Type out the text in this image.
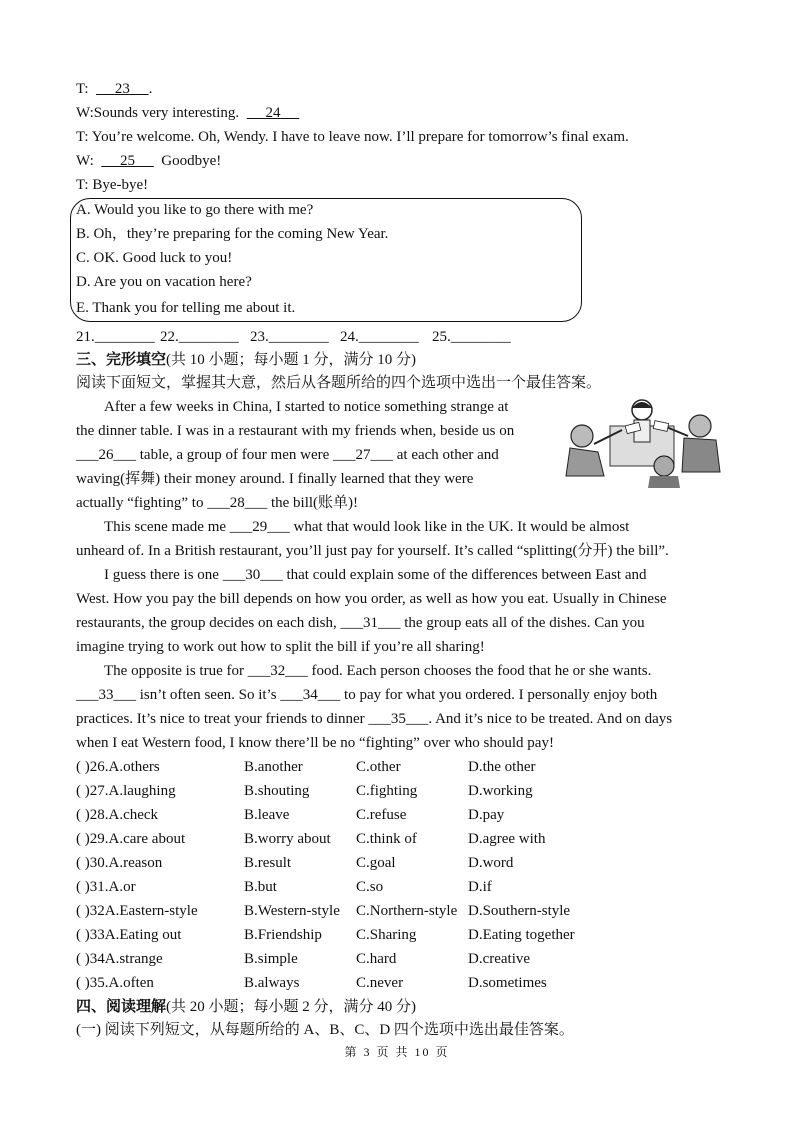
T: 23 .
W:Sounds very interesting. 24
T: You’re welcome. Oh, Wendy. I have to leave now. I’ll prepare for tomorrow’s final exam.
W: 25 Goodbye!
T: Bye-bye!
A. Would you like to go there with me?
B. Oh，they’re preparing for the coming New Year.
C. OK. Good luck to you!
D. Are you on vacation here?
E. Thank you for telling me about it.
21.________ 22.________ 23.________ 24.________ 25.________
三、完形填空(共 10 小题；每小题 1 分，满分 10 分)
阅读下面短文，掌握其大意，然后从各题所给的四个选项中选出一个最佳答案。
After a few weeks in China, I started to notice something strange at
the dinner table. I was in a restaurant with my friends when, beside us on
___26___ table, a group of four men were ___27___ at each other and
waving(挥舞) their money around. I finally learned that they were
actually “fighting” to ___28___ the bill(账单)!
This scene made me ___29___ what that would look like in the UK. It would be almost
unheard of. In a British restaurant, you’ll just pay for yourself. It’s called “splitting(分开) the bill”.
I guess there is one ___30___ that could explain some of the differences between East and
West. How you pay the bill depends on how you order, as well as how you eat. Usually in Chinese
restaurants, the group decides on each dish, ___31___ the group eats all of the dishes. Can you
imagine trying to work out how to split the bill if you’re all sharing!
The opposite is true for ___32___ food. Each person chooses the food that he or she wants.
___33___ isn’t often seen. So it’s ___34___ to pay for what you ordered. I personally enjoy both
practices. It’s nice to treat your friends to dinner ___35___. And it’s nice to be treated. And on days
when I eat Western food, I know there’ll be no “fighting” over who should pay!
( )26.A.others	B.another	C.other	D.the other
( )27.A.laughing	B.shouting	C.fighting	D.working
( )28.A.check	B.leave	C.refuse	D.pay
( )29.A.care about	B.worry about C.think of	D.agree with
( )30.A.reason	B.result	C.goal	D.word
( )31.A.or	B.but	C.so	D.if
( )32A.Eastern-style	B.Western-style C.Northern-style D.Southern-style
( )33A.Eating out	B.Friendship C.Sharing	D.Eating together
( )34A.strange	B.simple	C.hard	D.creative
( )35.A.often	B.always	C.never	D.sometimes
四、阅读理解(共 20 小题；每小题 2 分，满分 40 分)
(一) 阅读下列短文，从每题所给的 A、B、C、D 四个选项中选出最佳答案。
第 3 页 共 10 页
